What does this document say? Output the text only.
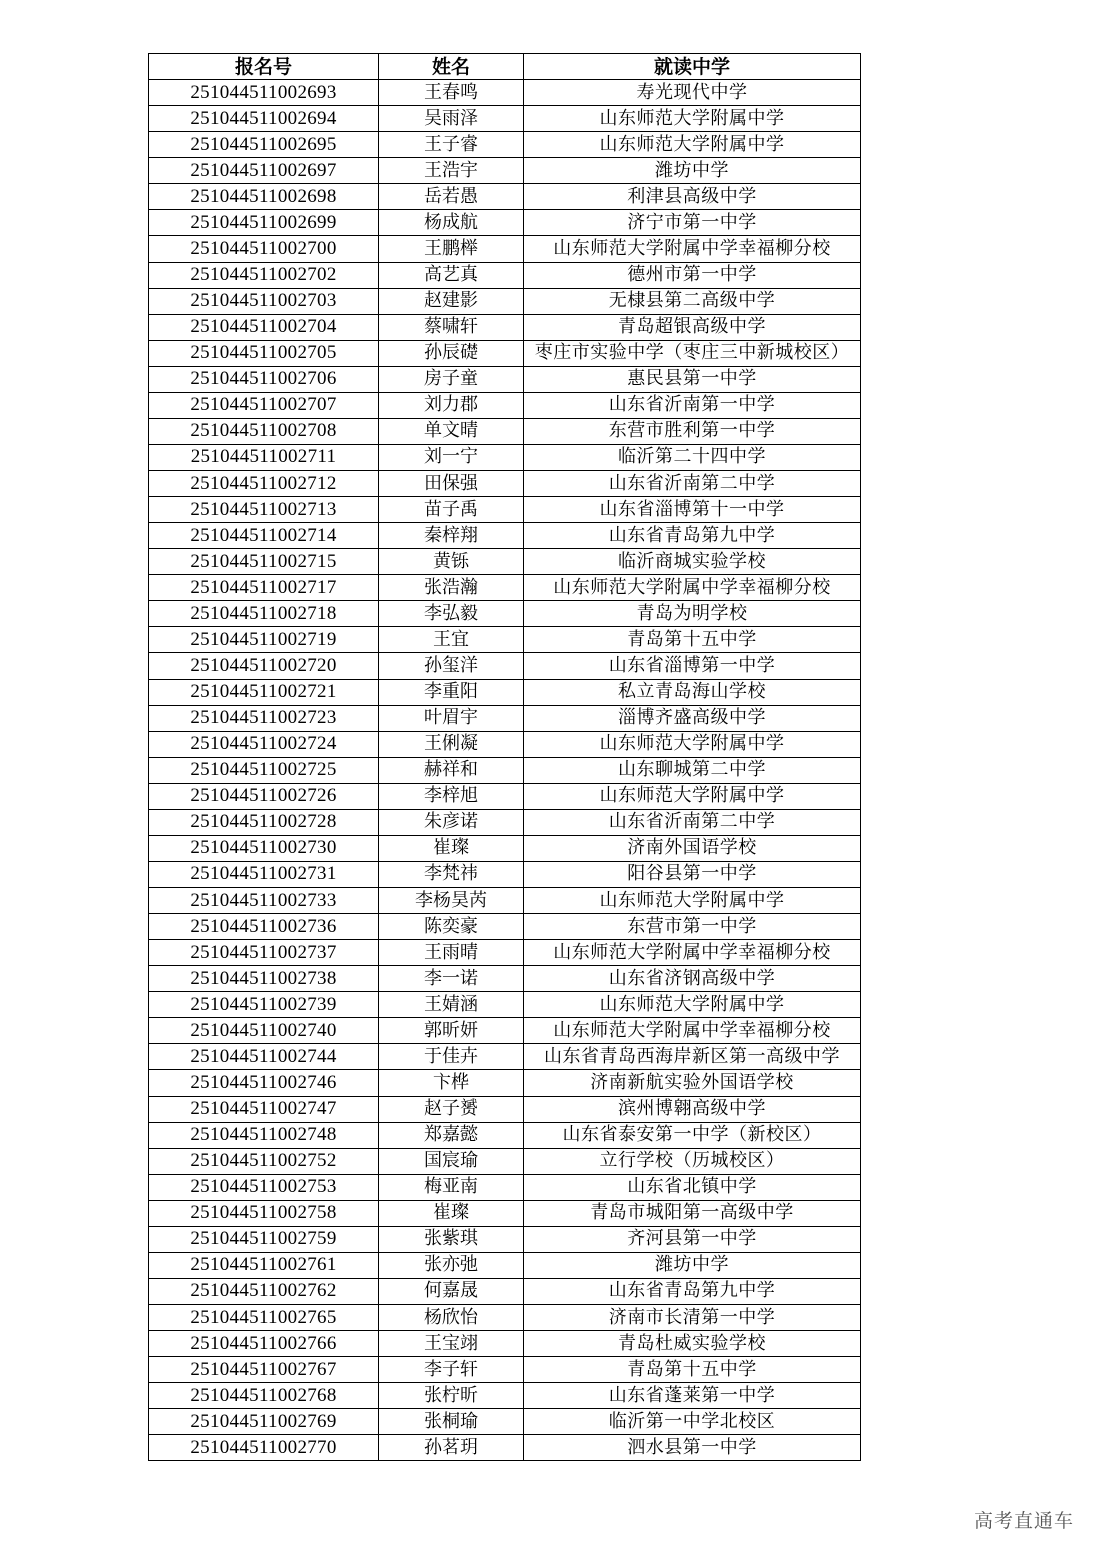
报名号	姓名	就读中学
251044511002693	王春鸣	寿光现代中学
251044511002694	吴雨泽	山东师范大学附属中学
251044511002695	王子睿	山东师范大学附属中学
251044511002697	王浩宇	潍坊中学
251044511002698	岳若愚	利津县高级中学
251044511002699	杨成航	济宁市第一中学
251044511002700	王鹏榉	山东师范大学附属中学幸福柳分校
251044511002702	高艺真	德州市第一中学
251044511002703	赵建影	无棣县第二高级中学
251044511002704	蔡啸轩	青岛超银高级中学
251044511002705	孙辰礎	枣庄市实验中学（枣庄三中新城校区）
251044511002706	房子童	惠民县第一中学
251044511002707	刘力郡	山东省沂南第一中学
251044511002708	单文晴	东营市胜利第一中学
251044511002711	刘一宁	临沂第二十四中学
251044511002712	田保强	山东省沂南第二中学
251044511002713	苗子禹	山东省淄博第十一中学
251044511002714	秦梓翔	山东省青岛第九中学
251044511002715	黄铄	临沂商城实验学校
251044511002717	张浩瀚	山东师范大学附属中学幸福柳分校
251044511002718	李弘毅	青岛为明学校
251044511002719	王宜	青岛第十五中学
251044511002720	孙玺洋	山东省淄博第一中学
251044511002721	李重阳	私立青岛海山学校
251044511002723	叶眉宇	淄博齐盛高级中学
251044511002724	王俐凝	山东师范大学附属中学
251044511002725	赫祥和	山东聊城第二中学
251044511002726	李梓旭	山东师范大学附属中学
251044511002728	朱彦诺	山东省沂南第二中学
251044511002730	崔璨	济南外国语学校
251044511002731	李梵祎	阳谷县第一中学
251044511002733	李杨昊芮	山东师范大学附属中学
251044511002736	陈奕豪	东营市第一中学
251044511002737	王雨晴	山东师范大学附属中学幸福柳分校
251044511002738	李一诺	山东省济钢高级中学
251044511002739	王婧涵	山东师范大学附属中学
251044511002740	郭昕妍	山东师范大学附属中学幸福柳分校
251044511002744	于佳卉	山东省青岛西海岸新区第一高级中学
251044511002746	卞桦	济南新航实验外国语学校
251044511002747	赵子赟	滨州博翱高级中学
251044511002748	郑嘉懿	山东省泰安第一中学（新校区）
251044511002752	国宸瑜	立行学校（历城校区）
251044511002753	梅亚南	山东省北镇中学
251044511002758	崔璨	青岛市城阳第一高级中学
251044511002759	张紫琪	齐河县第一中学
251044511002761	张亦弛	潍坊中学
251044511002762	何嘉晟	山东省青岛第九中学
251044511002765	杨欣怡	济南市长清第一中学
251044511002766	王宝翊	青岛杜威实验学校
251044511002767	李子轩	青岛第十五中学
251044511002768	张柠昕	山东省蓬莱第一中学
251044511002769	张桐瑜	临沂第一中学北校区
251044511002770	孙茗玥	泗水县第一中学
高考直通车
